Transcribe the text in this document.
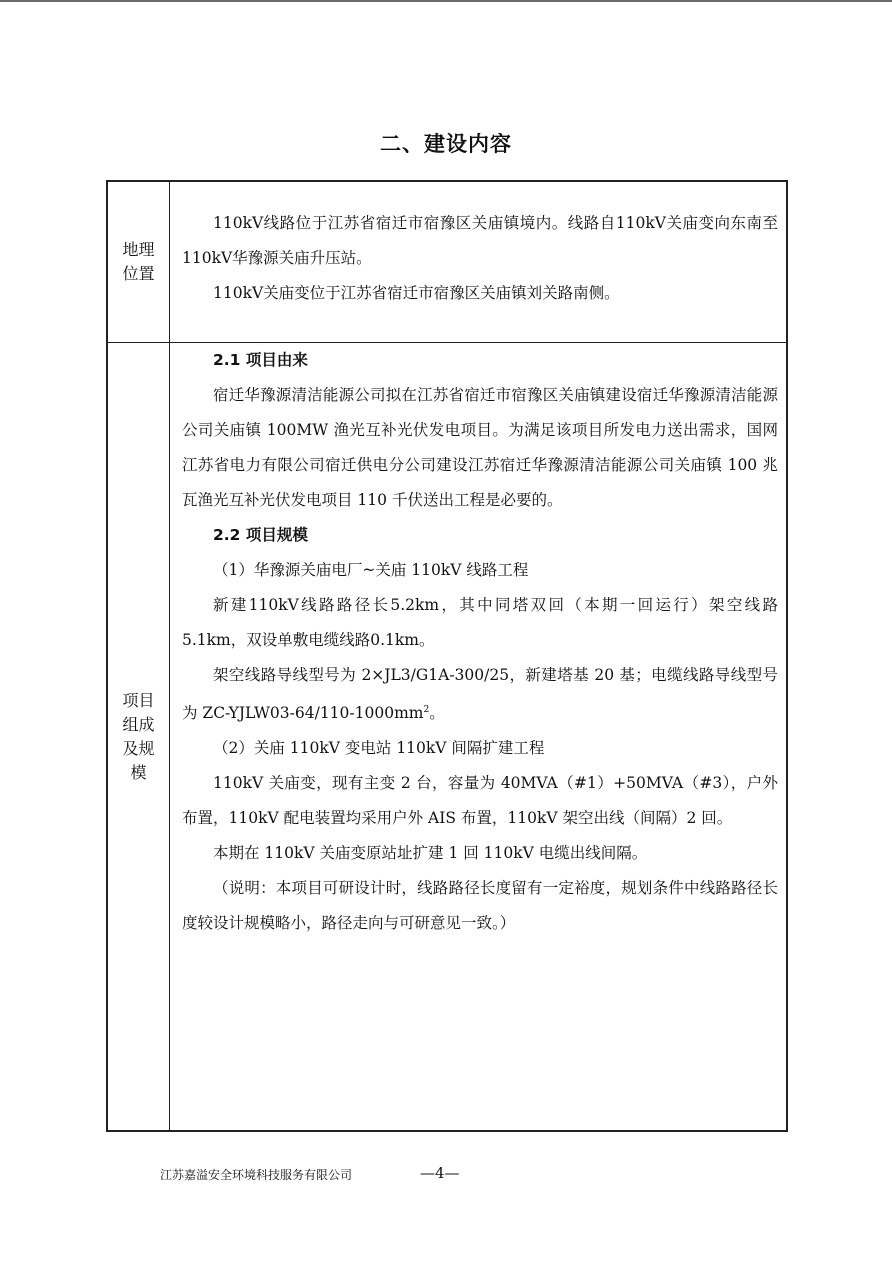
二、建设内容
地理位置

110kV线路位于江苏省宿迁市宿豫区关庙镇境内。线路自110kV关庙变向东南至110kV华豫源关庙升压站。

110kV关庙变位于江苏省宿迁市宿豫区关庙镇刘关路南侧。

项目组成及规模
2.1 项目由来

宿迁华豫源清洁能源公司拟在江苏省宿迁市宿豫区关庙镇建设宿迁华豫源清洁能源公司关庙镇 100MW 渔光互补光伏发电项目。为满足该项目所发电力送出需求，国网江苏省电力有限公司宿迁供电分公司建设江苏宿迁华豫源清洁能源公司关庙镇 100 兆瓦渔光互补光伏发电项目 110 千伏送出工程是必要的。

2.2 项目规模

（1）华豫源关庙电厂~关庙 110kV 线路工程

新建110kV线路路径长5.2km，其中同塔双回（本期一回运行）架空线路5.1km，双设单敷电缆线路0.1km。

架空线路导线型号为 2×JL3/G1A-300/25，新建塔基 20 基；电缆线路导线型号为 $ZC-YJLW03-64/110-1000mm^2$。

（2）关庙 110kV 变电站 110kV 间隔扩建工程

110kV 关庙变，现有主变 2 台，容量为 40MVA（#1）+50MVA（#3），户外布置，110kV 配电装置均采用户外 AIS 布置，110kV 架空出线（间隔）2 回。

本期在 110kV 关庙变原站址扩建 1 回 110kV 电缆出线间隔。

（说明：本项目可研设计时，线路路径长度留有一定裕度，规划条件中线路路径长度较设计规模略小，路径走向与可研意见一致。）

江苏嘉溢安全环境科技服务有限公司	—4—
